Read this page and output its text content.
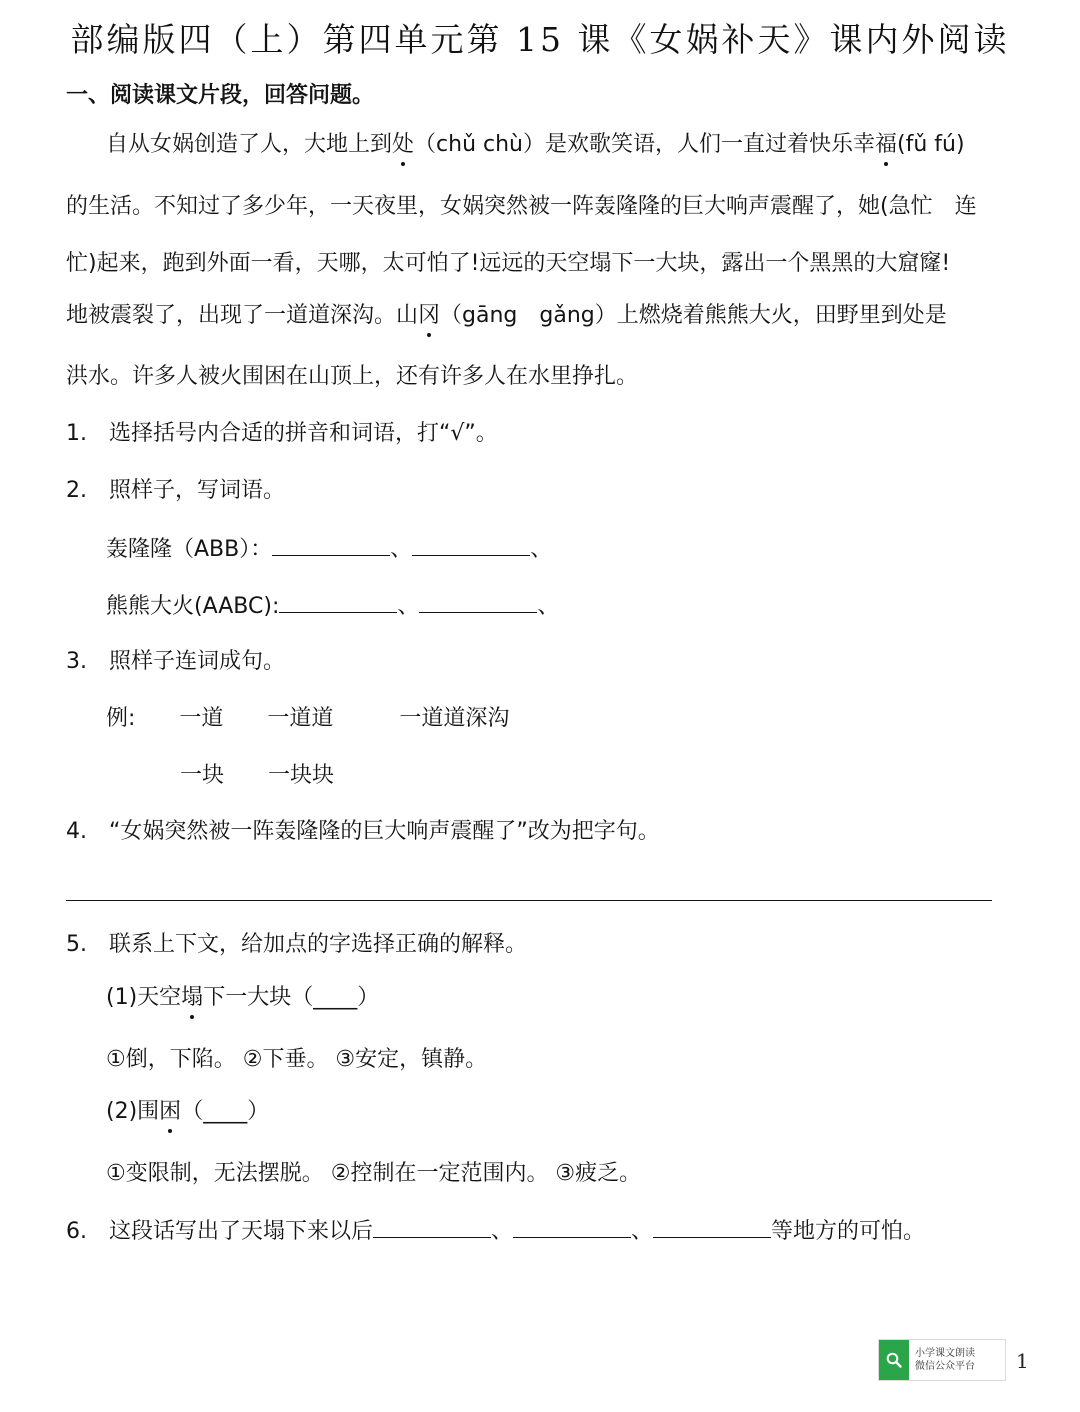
部编版四（上）第四单元第 15 课《女娲补天》课内外阅读
一、阅读课文片段，回答问题。
自从女娲创造了人，大地上到处（chǔ chù）是欢歌笑语，人们一直过着快乐幸福(fǔ fú)
的生活。不知过了多少年，一天夜里，女娲突然被一阵轰隆隆的巨大响声震醒了，她(急忙　连
忙)起来，跑到外面一看，天哪，太可怕了!远远的天空塌下一大块，露出一个黑黑的大窟窿!
地被震裂了，出现了一道道深沟。山冈（gāng　gǎng）上燃烧着熊熊大火，田野里到处是
洪水。许多人被火围困在山顶上，还有许多人在水里挣扎。
1.　选择括号内合适的拼音和词语，打“√”。
2.　照样子，写词语。
轰隆隆（ABB）：	、	、
熊熊大火(AABC):	、	、
3.　照样子连词成句。
例:　　一道　　一道道　　　一道道深沟
一块　　一块块
4.　“女娲突然被一阵轰隆隆的巨大响声震醒了”改为把字句。
5.　联系上下文，给加点的字选择正确的解释。
(1)天空塌下一大块（____）
①倒，下陷。 ②下垂。 ③安定，镇静。
(2)围困（____）
①变限制，无法摆脱。 ②控制在一定范围内。 ③疲乏。
6.　这段话写出了天塌下来以后	、	、	等地方的可怕。
小学课文朗读
微信公众平台	1
